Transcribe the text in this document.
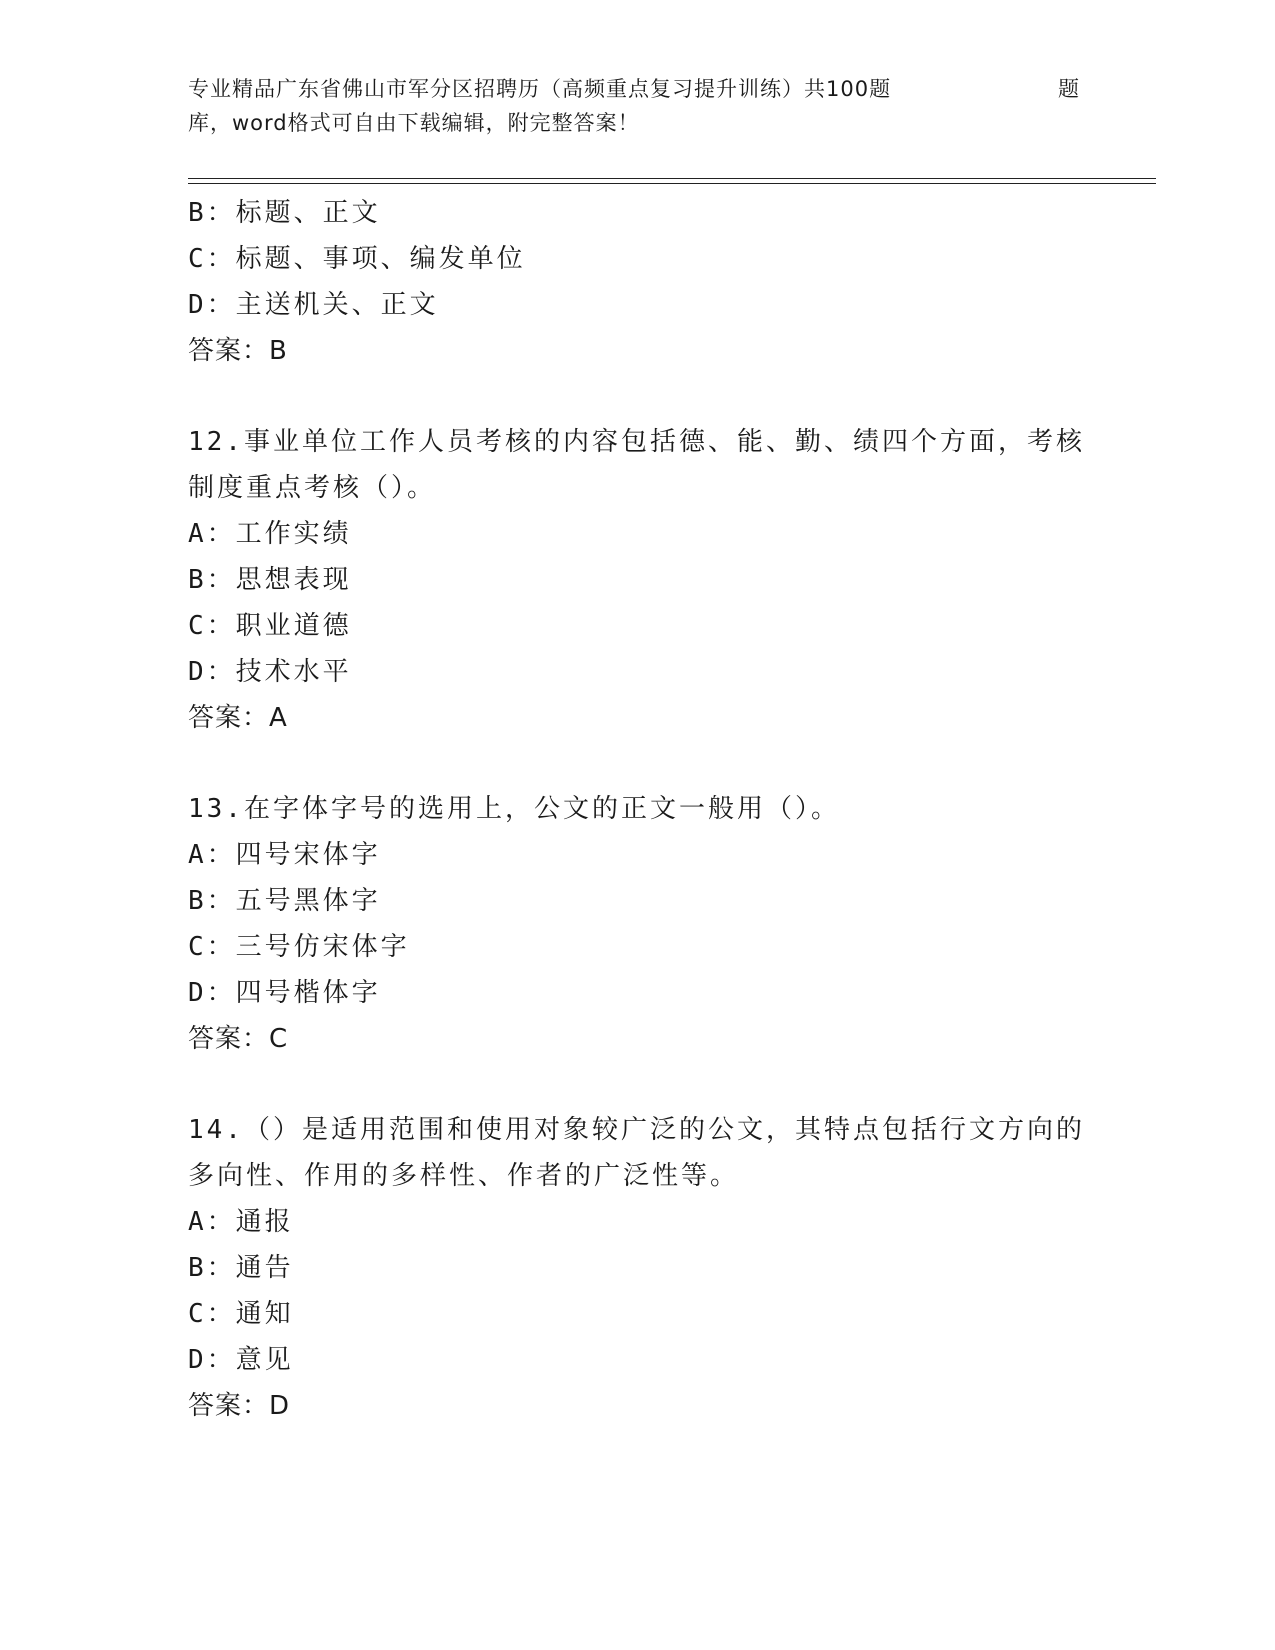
专业精品广东省佛山市军分区招聘历（高频重点复习提升训练）共100题	题
库，word格式可自由下载编辑，附完整答案！
B：标题、正文
C：标题、事项、编发单位
D：主送机关、正文
答案：B
12.事业单位工作人员考核的内容包括德、能、勤、绩四个方面，考核
制度重点考核（）。
A：工作实绩
B：思想表现
C：职业道德
D：技术水平
答案：A
13.在字体字号的选用上，公文的正文一般用（）。
A：四号宋体字
B：五号黑体字
C：三号仿宋体字
D：四号楷体字
答案：C
14.（）是适用范围和使用对象较广泛的公文，其特点包括行文方向的
多向性、作用的多样性、作者的广泛性等。
A：通报
B：通告
C：通知
D：意见
答案：D
